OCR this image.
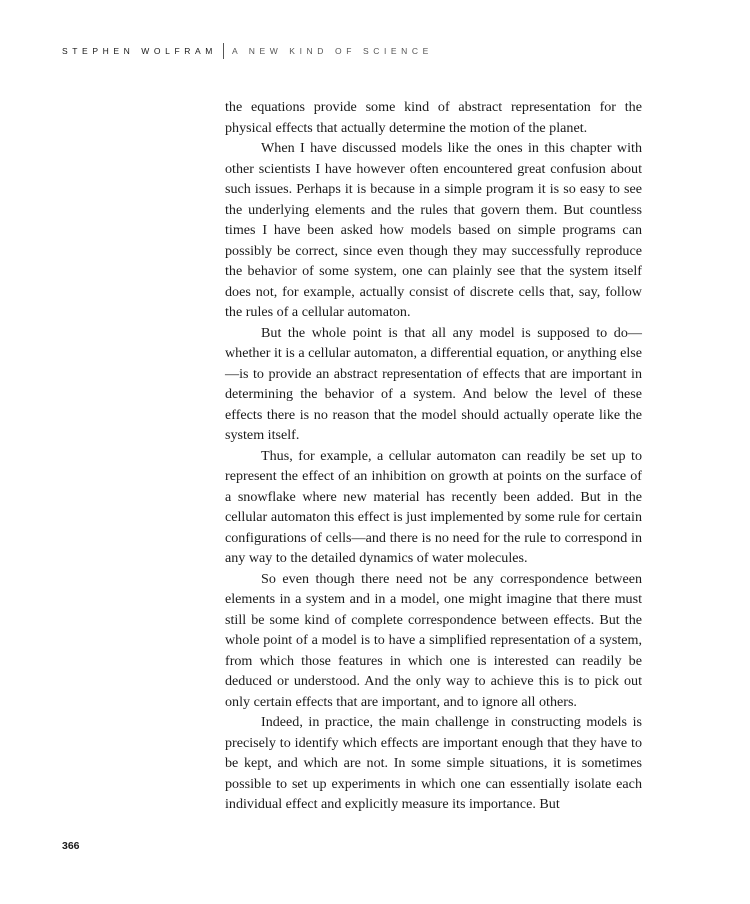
STEPHEN WOLFRAM A NEW KIND OF SCIENCE

the equations provide some kind of abstract representation for the physical effects that actually determine the motion of the planet.

When I have discussed models like the ones in this chapter with other scientists I have however often encountered great confusion about such issues. Perhaps it is because in a simple program it is so easy to see the underlying elements and the rules that govern them. But countless times I have been asked how models based on simple programs can possibly be correct, since even though they may successfully reproduce the behavior of some system, one can plainly see that the system itself does not, for example, actually consist of discrete cells that, say, follow the rules of a cellular automaton.

But the whole point is that all any model is supposed to do—whether it is a cellular automaton, a differential equation, or anything else—is to provide an abstract representation of effects that are important in determining the behavior of a system. And below the level of these effects there is no reason that the model should actually operate like the system itself.

Thus, for example, a cellular automaton can readily be set up to represent the effect of an inhibition on growth at points on the surface of a snowflake where new material has recently been added. But in the cellular automaton this effect is just implemented by some rule for certain configurations of cells—and there is no need for the rule to correspond in any way to the detailed dynamics of water molecules.

So even though there need not be any correspondence between elements in a system and in a model, one might imagine that there must still be some kind of complete correspondence between effects. But the whole point of a model is to have a simplified representation of a system, from which those features in which one is interested can readily be deduced or understood. And the only way to achieve this is to pick out only certain effects that are important, and to ignore all others.

Indeed, in practice, the main challenge in constructing models is precisely to identify which effects are important enough that they have to be kept, and which are not. In some simple situations, it is sometimes possible to set up experiments in which one can essentially isolate each individual effect and explicitly measure its importance. But

366
